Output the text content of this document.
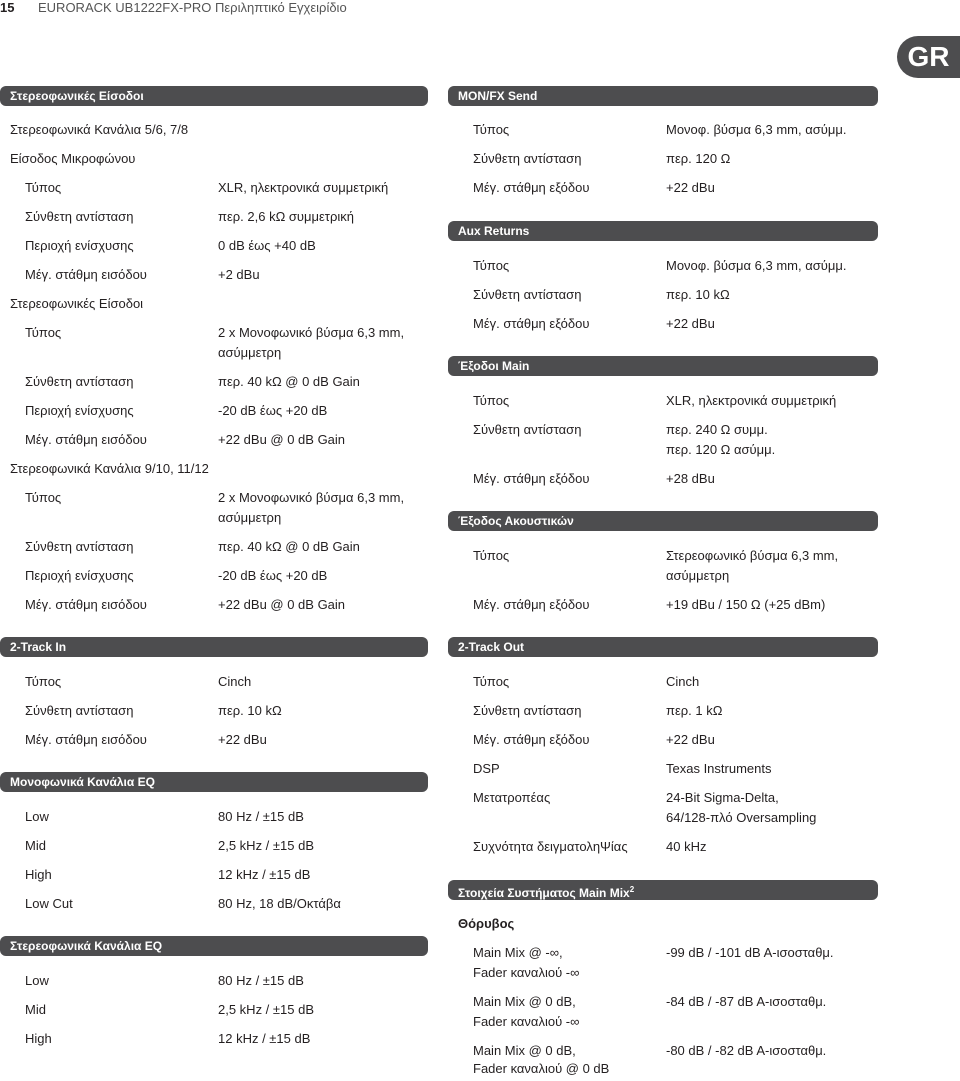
15 EURORACK UB1222FX-PRO Περιληπτικό Εγχειρίδιο
GR
Στερεοφωνικές Είσοδοι
Στερεοφωνικά Κανάλια 5/6, 7/8
Είσοδος Μικροφώνου
Τύπος	XLR, ηλεκτρονικά συμμετρική
Σύνθετη αντίσταση	περ. 2,6 kΩ συμμετρική
Περιοχή ενίσχυσης	0 dB έως +40 dB
Μέγ. στάθμη εισόδου	+2 dBu
Στερεοφωνικές Είσοδοι
Τύπος	2 x Μονοφωνικό βύσμα 6,3 mm,
ασύμμετρη
Σύνθετη αντίσταση	περ. 40 kΩ @ 0 dB Gain
Περιοχή ενίσχυσης	-20 dB έως +20 dB
Μέγ. στάθμη εισόδου	+22 dBu @ 0 dB Gain
Στερεοφωνικά Κανάλια 9/10, 11/12
Τύπος	2 x Μονοφωνικό βύσμα 6,3 mm,
ασύμμετρη
Σύνθετη αντίσταση	περ. 40 kΩ @ 0 dB Gain
Περιοχή ενίσχυσης	-20 dB έως +20 dB
Μέγ. στάθμη εισόδου	+22 dBu @ 0 dB Gain
2-Track In
Τύπος	Cinch
Σύνθετη αντίσταση	περ. 10 kΩ
Μέγ. στάθμη εισόδου	+22 dBu
Μονοφωνικά Κανάλια EQ
Low	80 Hz / ±15 dB
Mid	2,5 kHz / ±15 dB
High	12 kHz / ±15 dB
Low Cut	80 Hz, 18 dB/Οκτάβα
Στερεοφωνικά Κανάλια EQ
Low	80 Hz / ±15 dB
Mid	2,5 kHz / ±15 dB
High	12 kHz / ±15 dB
MON/FX Send
Τύπος	Μονοφ. βύσμα 6,3 mm, ασύμμ.
Σύνθετη αντίσταση	περ. 120 Ω
Μέγ. στάθμη εξόδου	+22 dBu
Aux Returns
Τύπος	Μονοφ. βύσμα 6,3 mm, ασύμμ.
Σύνθετη αντίσταση	περ. 10 kΩ
Μέγ. στάθμη εξόδου	+22 dBu
Έξοδοι Main
Τύπος	XLR, ηλεκτρονικά συμμετρική
Σύνθετη αντίσταση	περ. 240 Ω συμμ.
περ. 120 Ω ασύμμ.
Μέγ. στάθμη εξόδου	+28 dBu
Έξοδος Ακουστικών
Τύπος	Στερεοφωνικό βύσμα 6,3 mm,
ασύμμετρη
Μέγ. στάθμη εξόδου	+19 dBu / 150 Ω (+25 dBm)
2-Track Out
Τύπος	Cinch
Σύνθετη αντίσταση	περ. 1 kΩ
Μέγ. στάθμη εξόδου	+22 dBu
DSP	Texas Instruments
Μετατροπέας	24-Bit Sigma-Delta,
64/128-πλό Oversampling
Συχνότητα δειγματοληΨίας	40 kHz
Στοιχεία Συστήματος Main Mix$^2$
Θόρυβος
Main Mix @ -∞,
Fader καναλιού -∞
-99 dB / -101 dB A-ισοσταθμ.
Main Mix @ 0 dB,
Fader καναλιού -∞
-84 dB / -87 dB A-ισοσταθμ.
Main Mix @ 0 dB,
Fader καναλιού @ 0 dB
-80 dB / -82 dB A-ισοσταθμ.
